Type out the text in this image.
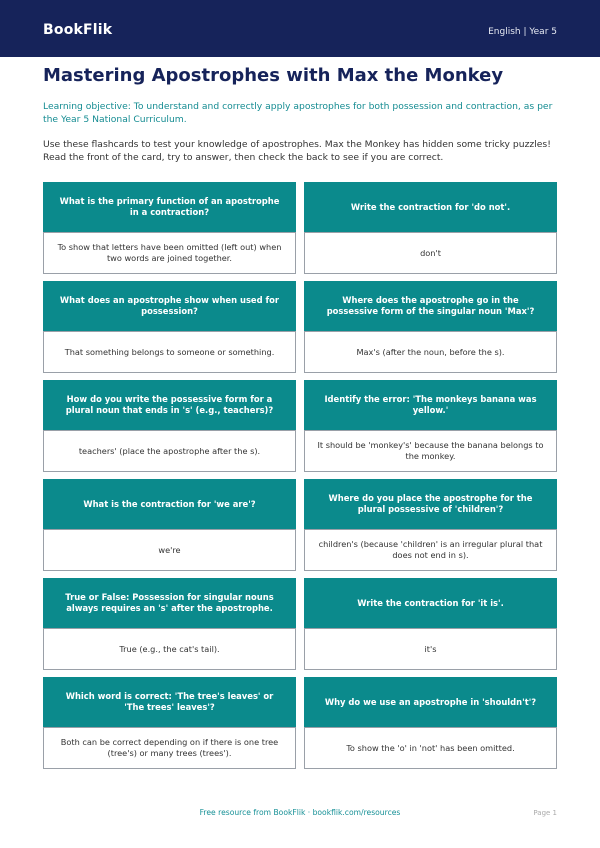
BookFlik	English | Year 5
Mastering Apostrophes with Max the Monkey

Learning objective: To understand and correctly apply apostrophes for both possession and contraction, as per the Year 5 National Curriculum.

Use these flashcards to test your knowledge of apostrophes. Max the Monkey has hidden some tricky puzzles! Read the front of the card, try to answer, then check the back to see if you are correct.

What is the primary function of an apostrophe in a contraction?
To show that letters have been omitted (left out) when two words are joined together.
Write the contraction for 'do not'.
don't
What does an apostrophe show when used for possession?
That something belongs to someone or something.
Where does the apostrophe go in the possessive form of the singular noun 'Max'?
Max's (after the noun, before the s).
How do you write the possessive form for a plural noun that ends in 's' (e.g., teachers)?
teachers' (place the apostrophe after the s).
Identify the error: 'The monkeys banana was yellow.'
It should be 'monkey's' because the banana belongs to the monkey.
What is the contraction for 'we are'?
we're
Where do you place the apostrophe for the plural possessive of 'children'?
children's (because 'children' is an irregular plural that does not end in s).
True or False: Possession for singular nouns always requires an 's' after the apostrophe.
True (e.g., the cat's tail).
Write the contraction for 'it is'.
it's
Which word is correct: 'The tree's leaves' or 'The trees' leaves'?
Both can be correct depending on if there is one tree (tree's) or many trees (trees').
Why do we use an apostrophe in 'shouldn't'?
To show the 'o' in 'not' has been omitted.
Free resource from BookFlik · bookflik.com/resources	Page 1
